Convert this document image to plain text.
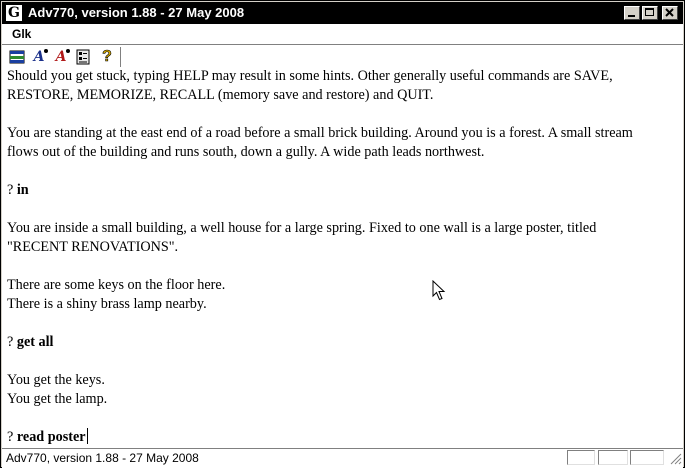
G Adv770, version 1.88 - 27 May 2008
Glk
A A ?
Should you get stuck, typing HELP may result in some hints. Other generally useful commands are SAVE,
RESTORE, MEMORIZE, RECALL (memory save and restore) and QUIT.
You are standing at the east end of a road before a small brick building. Around you is a forest. A small stream
flows out of the building and runs south, down a gully. A wide path leads northwest.
? in
You are inside a small building, a well house for a large spring. Fixed to one wall is a large poster, titled
"RECENT RENOVATIONS".
There are some keys on the floor here.
There is a shiny brass lamp nearby.
? get all
You get the keys.
You get the lamp.
? read poster
Adv770, version 1.88 - 27 May 2008
